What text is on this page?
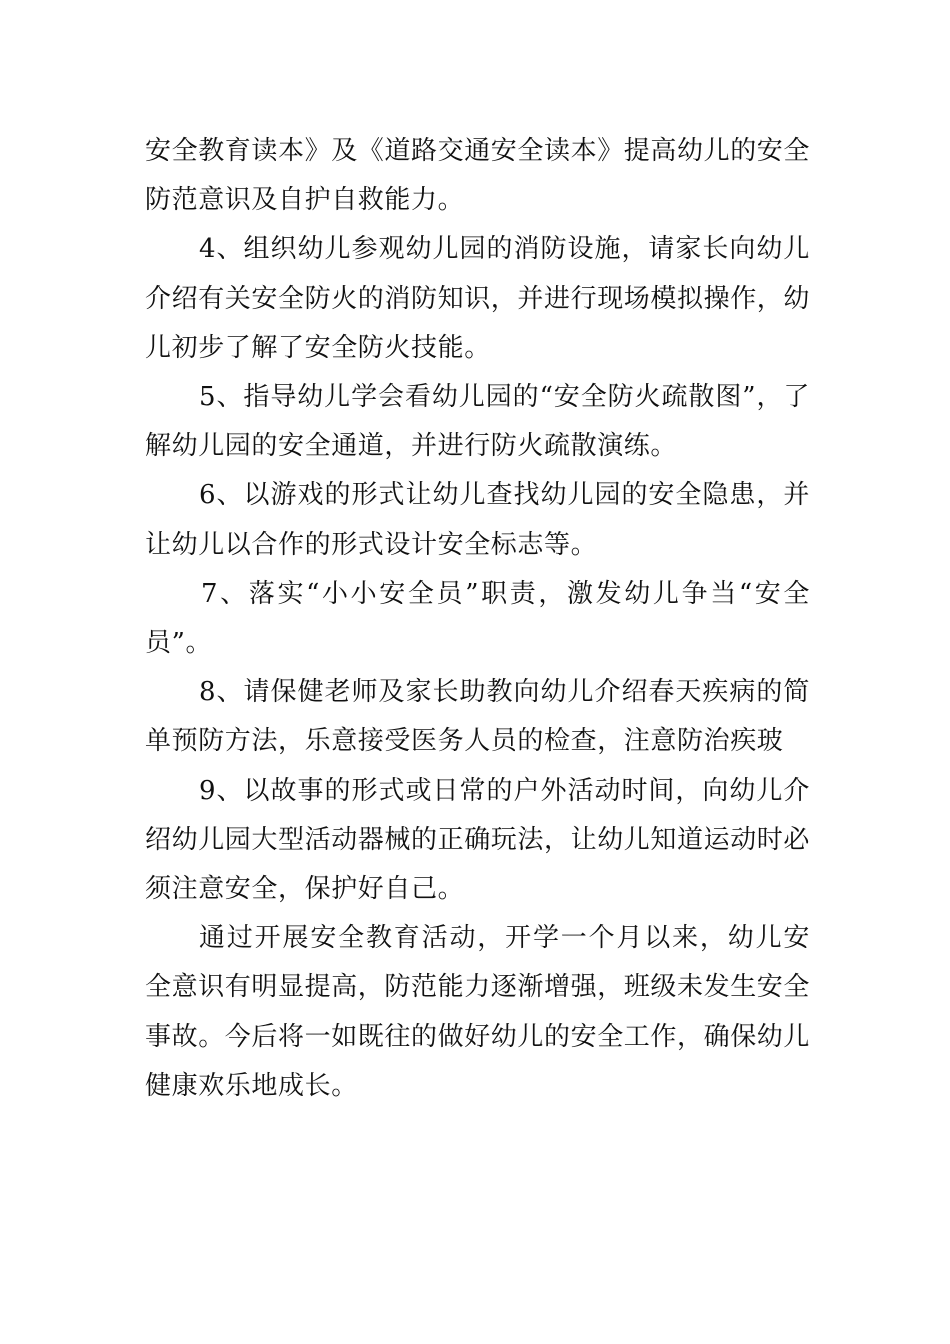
安全教育读本》及《道路交通安全读本》提高幼儿的安全防范意识及自护自救能力。

4、组织幼儿参观幼儿园的消防设施，请家长向幼儿介绍有关安全防火的消防知识，并进行现场模拟操作，幼儿初步了解了安全防火技能。

5、指导幼儿学会看幼儿园的“安全防火疏散图”，了解幼儿园的安全通道，并进行防火疏散演练。

6、以游戏的形式让幼儿查找幼儿园的安全隐患，并让幼儿以合作的形式设计安全标志等。

7、落实“小小安全员”职责，激发幼儿争当“安全员”。

8、请保健老师及家长助教向幼儿介绍春天疾病的简单预防方法，乐意接受医务人员的检查，注意防治疾玻

9、以故事的形式或日常的户外活动时间，向幼儿介绍幼儿园大型活动器械的正确玩法，让幼儿知道运动时必须注意安全，保护好自己。

通过开展安全教育活动，开学一个月以来，幼儿安全意识有明显提高，防范能力逐渐增强，班级未发生安全事故。今后将一如既往的做好幼儿的安全工作，确保幼儿健康欢乐地成长。
